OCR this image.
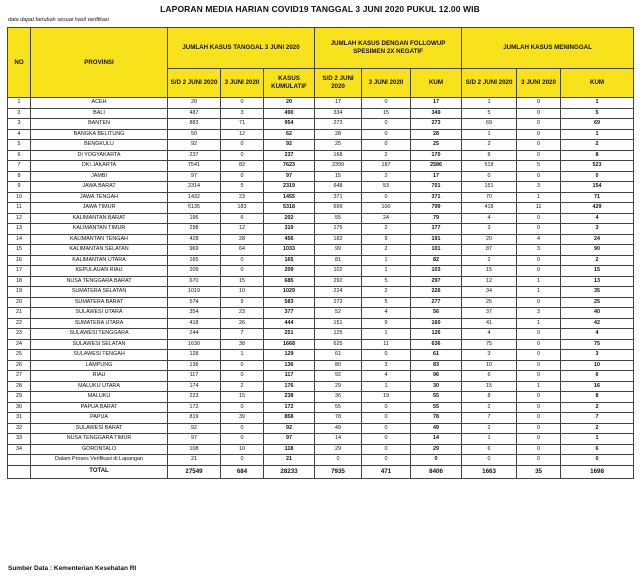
LAPORAN MEDIA HARIAN COVID19 TANGGAL 3 JUNI 2020 PUKUL 12.00 WIB
data dapat berubah sesuai hasil verifikasi
NO	PROVINSI	JUMLAH KASUS TANGGAL 3 JUNI 2020			JUMLAH KASUS DENGAN FOLLOWUP SPESIMEN 2X NEGATIF			JUMLAH KASUS MENINGGAL		
		S/D 2 JUNI 2020	3 JUNI 2020	KASUS KUMULATIF	S/D 2 JUNI 2020	3 JUNI 2020	KUM	S/D 2 JUNI 2020	3 JUNI 2020	KUM
1	ACEH	20	0	20	17	0	17	1	0	1
2	BALI	487	3	490	334	15	349	5	0	5
3	BANTEN	883	71	954	273	0	273	69	0	69
4	BANGKA BELITUNG	50	12	62	28	0	28	1	0	1
5	BENGKULU	92	0	92	25	0	25	2	0	2
6	DI YOGYAKARTA	237	0	237	168	2	170	8	0	8
7	DKI JAKARTA	7541	82	7623	2399	187	2586	518	5	523
8	JAMBI	97	0	97	15	2	17	0	0	0
9	JAWA BARAT	2314	5	2319	648	53	701	151	3	154
10	JAWA TENGAH	1432	23	1455	371	0	371	70	1	71
11	JAWA TIMUR	5135	183	5318	699	100	799	418	11	429
12	KALIMANTAN BARAT	196	6	202	55	24	79	4	0	4
13	KALIMANTAN TIMUR	298	12	310	175	2	177	3	0	3
14	KALIMANTAN TENGAH	428	28	456	182	9	191	20	4	24
15	KALIMANTAN SELATAN	969	64	1033	99	2	101	87	3	90
16	KALIMANTAN UTARA	165	0	165	81	1	82	2	0	2
17	KEPULAUAN RIAU	209	0	209	102	1	103	15	0	15
18	NUSA TENGGARA BARAT	670	15	685	292	5	297	12	1	13
19	SUMATERA SELATAN	1019	10	1029	224	2	226	34	1	35
20	SUMATERA BARAT	574	9	583	272	5	277	25	0	25
21	SULAWESI UTARA	354	23	377	52	4	56	37	3	40
22	SUMATERA UTARA	418	26	444	151	9	160	41	1	42
23	SULAWESI TENGGARA	244	7	251	125	1	126	4	0	4
24	SULAWESI SELATAN	1630	38	1668	625	11	636	75	0	75
25	SULAWESI TENGAH	128	1	129	61	0	61	3	0	3
26	LAMPUNG	136	0	136	80	3	83	10	0	10
27	RIAU	117	0	117	92	4	96	6	0	6
28	MALUKU UTARA	174	2	176	29	1	30	15	1	16
29	MALUKU	223	15	238	36	19	55	8	0	8
30	PAPUA BARAT	172	0	172	55	0	55	2	0	2
31	PAPUA	819	39	858	78	0	78	7	0	7
32	SULAWESI BARAT	92	0	92	49	0	49	2	0	2
33	NUSA TENGGARA TIMUR	97	0	97	14	0	14	1	0	1
34	GORONTALO	108	10	118	29	0	29	6	0	6
	Dalam Proses Verifikasi di Lapangan	21	0	21	0	0	0	0	0	0
	TOTAL	27549	684	28233	7935	471	8406	1663	35	1698
Sumber Data : Kementerian Kesehatan RI
